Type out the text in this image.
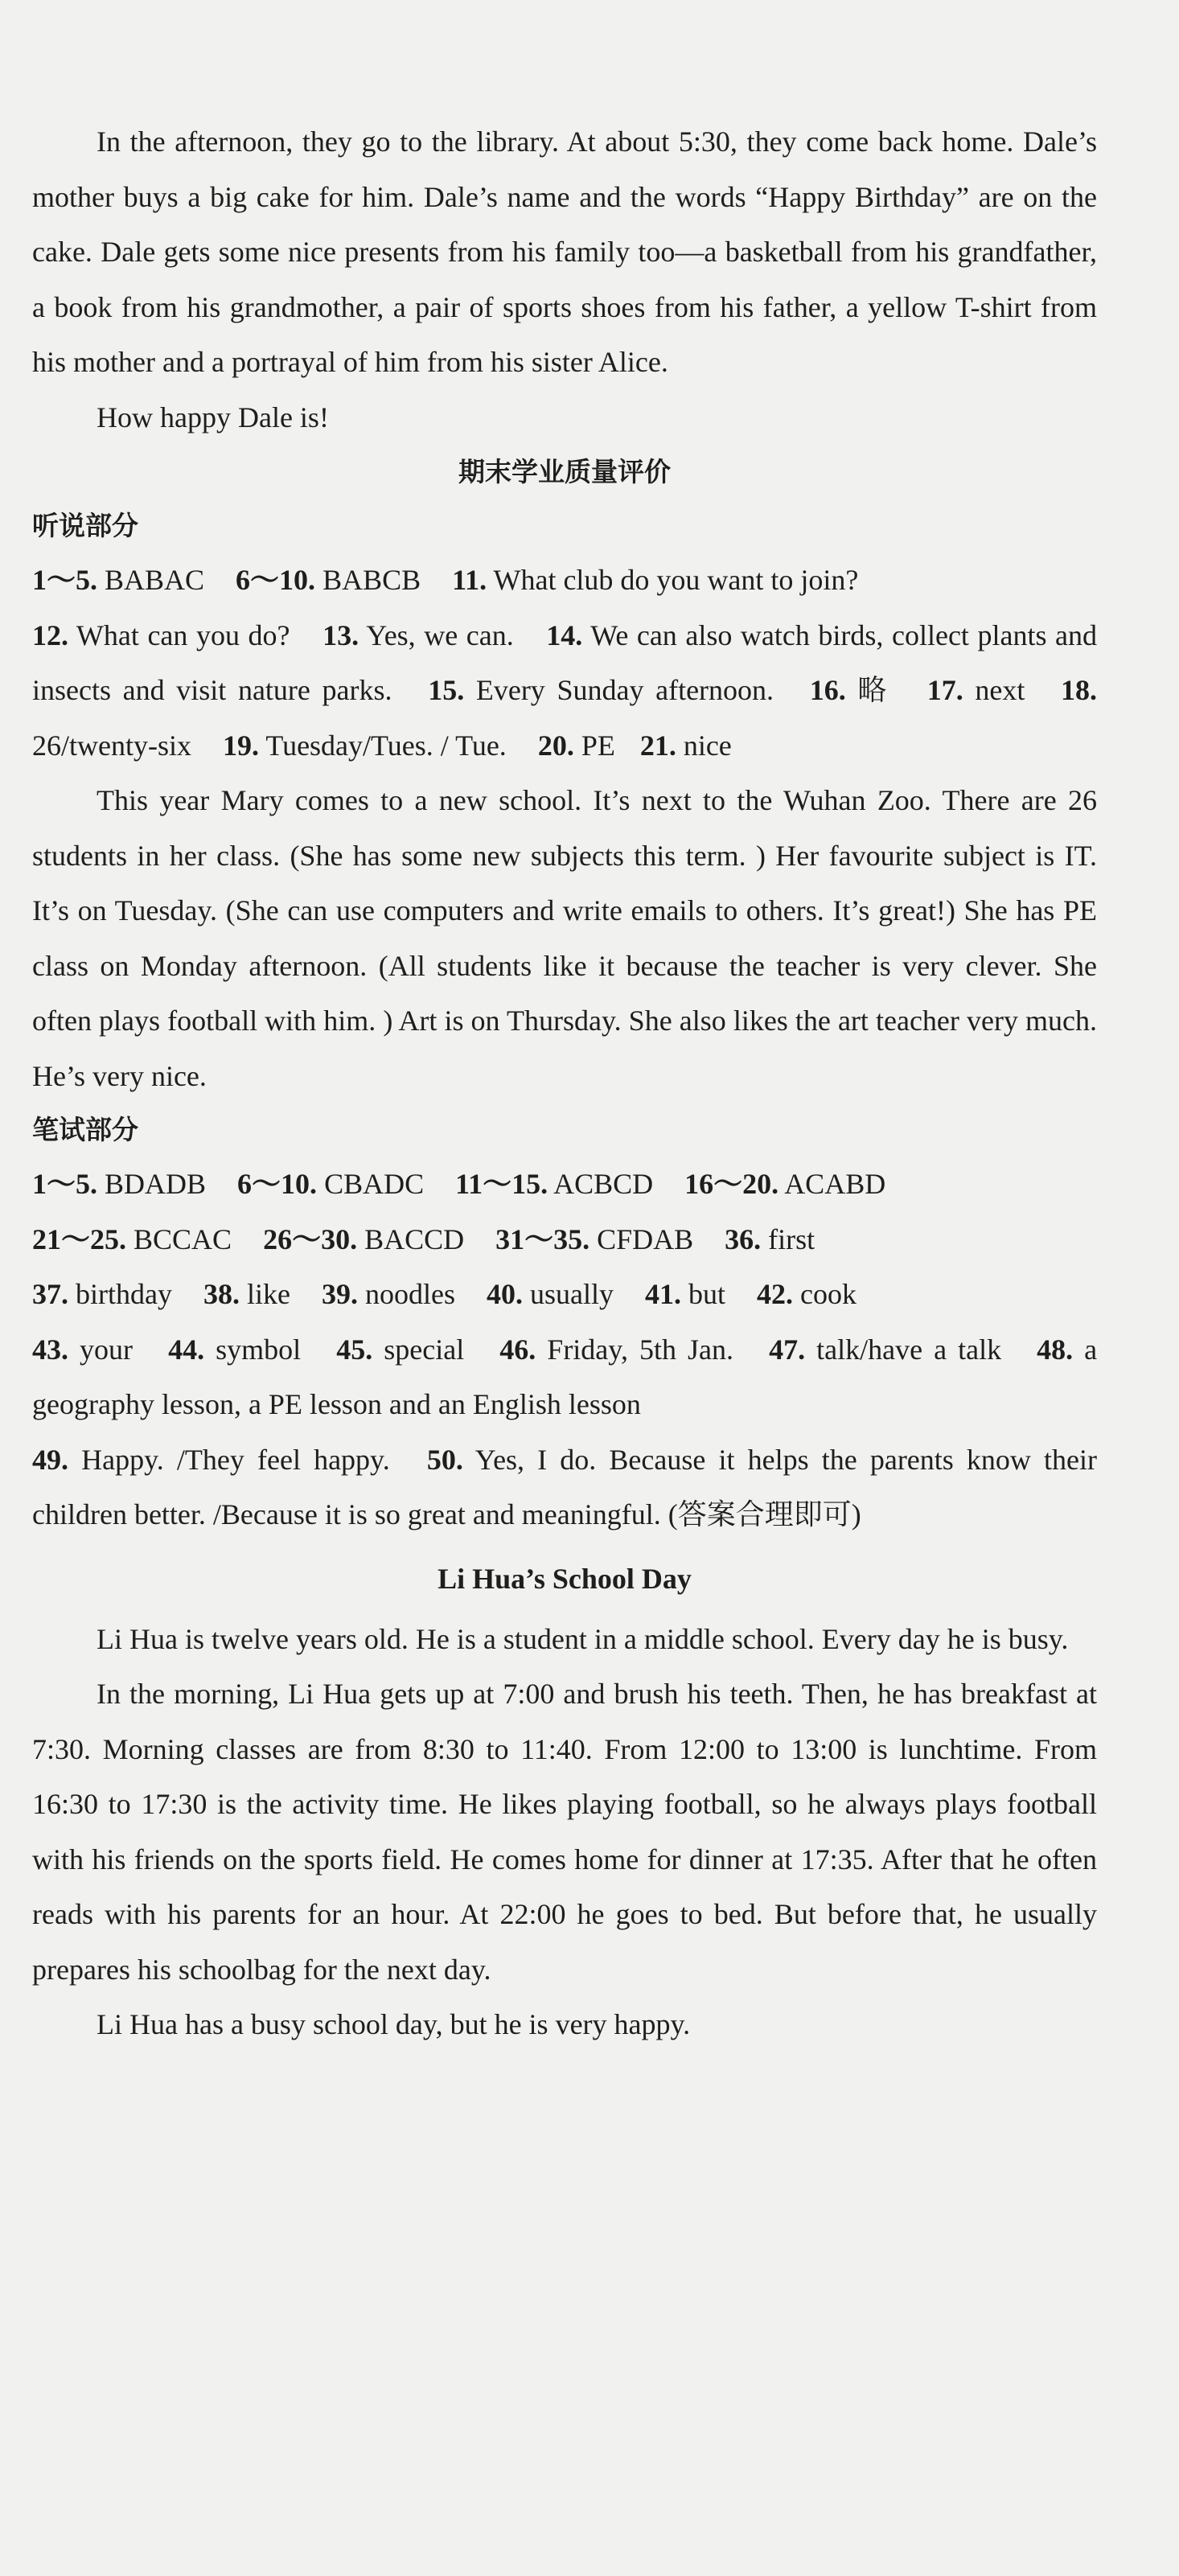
In the afternoon, they go to the library. At about 5:30, they come back home. Dale’s mother buys a big cake for him. Dale’s name and the words “Happy Birthday” are on the cake. Dale gets some nice presents from his family too—a basketball from his grandfather, a book from his grandmother, a pair of sports shoes from his father, a yellow T-shirt from his mother and a portrayal of him from his sister Alice.

How happy Dale is!

期末学业质量评价

听说部分

1～5. BABAC 6～10. BABCB 11. What club do you want to join?

12. What can you do? 13. Yes, we can. 14. We can also watch birds, collect plants and insects and visit nature parks. 15. Every Sunday afternoon. 16. 略 17. next 18. 26/twenty-six 19. Tuesday/Tues. / Tue. 20. PE 21. nice

This year Mary comes to a new school. It’s next to the Wuhan Zoo. There are 26 students in her class. (She has some new subjects this term. ) Her favourite subject is IT. It’s on Tuesday. (She can use computers and write emails to others. It’s great!) She has PE class on Monday afternoon. (All students like it because the teacher is very clever. She often plays football with him. ) Art is on Thursday. She also likes the art teacher very much. He’s very nice.

笔试部分

1～5. BDADB 6～10. CBADC 11～15. ACBCD 16～20. ACABD

21～25. BCCAC 26～30. BACCD 31～35. CFDAB 36. first

37. birthday 38. like 39. noodles 40. usually 41. but 42. cook

43. your 44. symbol 45. special 46. Friday, 5th Jan. 47. talk/have a talk 48. a geography lesson, a PE lesson and an English lesson

49. Happy. /They feel happy. 50. Yes, I do. Because it helps the parents know their children better. /Because it is so great and meaningful. (答案合理即可)

Li Hua’s School Day

Li Hua is twelve years old. He is a student in a middle school. Every day he is busy.

In the morning, Li Hua gets up at 7:00 and brush his teeth. Then, he has breakfast at 7:30. Morning classes are from 8:30 to 11:40. From 12:00 to 13:00 is lunchtime. From 16:30 to 17:30 is the activity time. He likes playing football, so he always plays football with his friends on the sports field. He comes home for dinner at 17:35. After that he often reads with his parents for an hour. At 22:00 he goes to bed. But before that, he usually prepares his schoolbag for the next day.

Li Hua has a busy school day, but he is very happy.
